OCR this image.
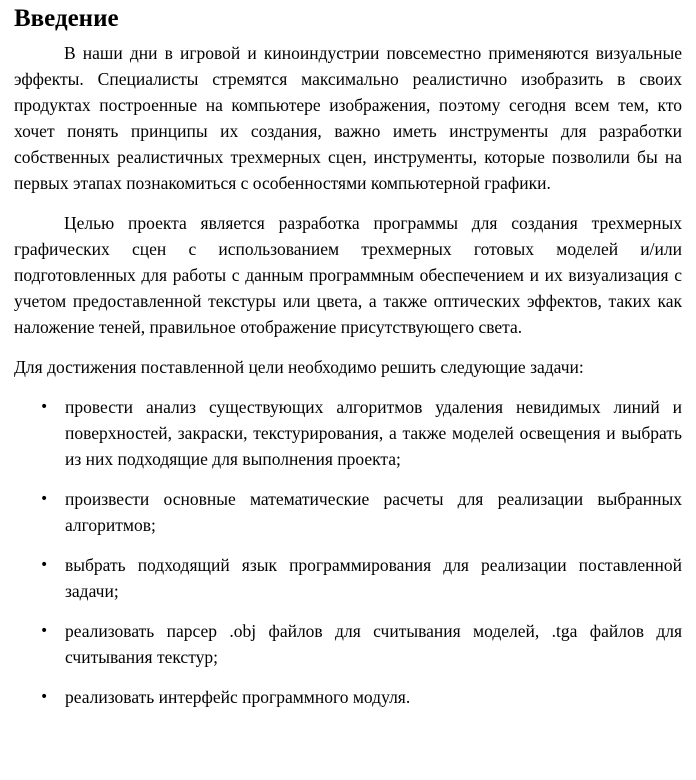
Введение

В наши дни в игровой и киноиндустрии повсеместно применяются визуальные эффекты. Специалисты стремятся максимально реалистично изобразить в своих продуктах построенные на компьютере изображения, поэтому сегодня всем тем, кто хочет понять принципы их создания, важно иметь инструменты для разработки собственных реалистичных трехмерных сцен, инструменты, которые позволили бы на первых этапах познакомиться с особенностями компьютерной графики.

Целью проекта является разработка программы для создания трехмерных графических сцен с использованием трехмерных готовых моделей и/или подготовленных для работы с данным программным обеспечением и их визуализация с учетом предоставленной текстуры или цвета, а также оптических эффектов, таких как наложение теней, правильное отображение присутствующего света.

Для достижения поставленной цели необходимо решить следующие задачи:

• провести анализ существующих алгоритмов удаления невидимых линий и поверхностей, закраски, текстурирования, а также моделей освещения и выбрать из них подходящие для выполнения проекта;
• произвести основные математические расчеты для реализации выбранных алгоритмов;
• выбрать подходящий язык программирования для реализации поставленной задачи;
• реализовать парсер .obj файлов для считывания моделей, .tga файлов для считывания текстур;
• реализовать интерфейс программного модуля.
